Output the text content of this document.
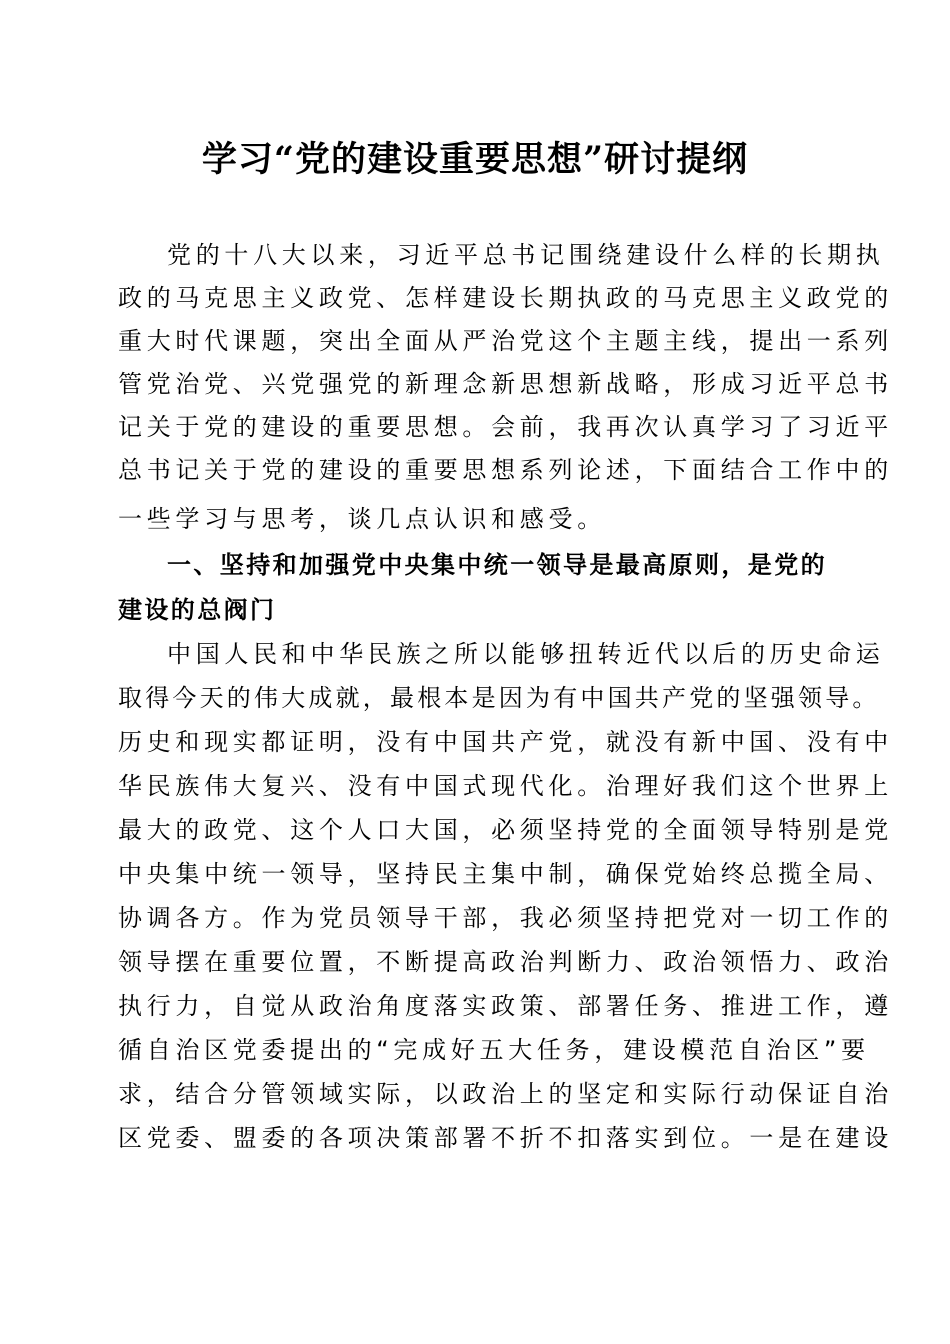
学习“党的建设重要思想”研讨提纲
党的十八大以来，习近平总书记围绕建设什么样的长期执
政的马克思主义政党、怎样建设长期执政的马克思主义政党的
重大时代课题，突出全面从严治党这个主题主线，提出一系列
管党治党、兴党强党的新理念新思想新战略，形成习近平总书
记关于党的建设的重要思想。会前，我再次认真学习了习近平
总书记关于党的建设的重要思想系列论述，下面结合工作中的
一些学习与思考，谈几点认识和感受。
一、坚持和加强党中央集中统一领导是最高原则，是党的
建设的总阀门
中国人民和中华民族之所以能够扭转近代以后的历史命运
取得今天的伟大成就，最根本是因为有中国共产党的坚强领导。
历史和现实都证明，没有中国共产党，就没有新中国、没有中
华民族伟大复兴、没有中国式现代化。治理好我们这个世界上
最大的政党、这个人口大国，必须坚持党的全面领导特别是党
中央集中统一领导，坚持民主集中制，确保党始终总揽全局、
协调各方。作为党员领导干部，我必须坚持把党对一切工作的
领导摆在重要位置，不断提高政治判断力、政治领悟力、政治
执行力，自觉从政治角度落实政策、部署任务、推进工作，遵
循自治区党委提出的“完成好五大任务，建设模范自治区”要
求，结合分管领域实际，以政治上的坚定和实际行动保证自治
区党委、盟委的各项决策部署不折不扣落实到位。一是在建设
